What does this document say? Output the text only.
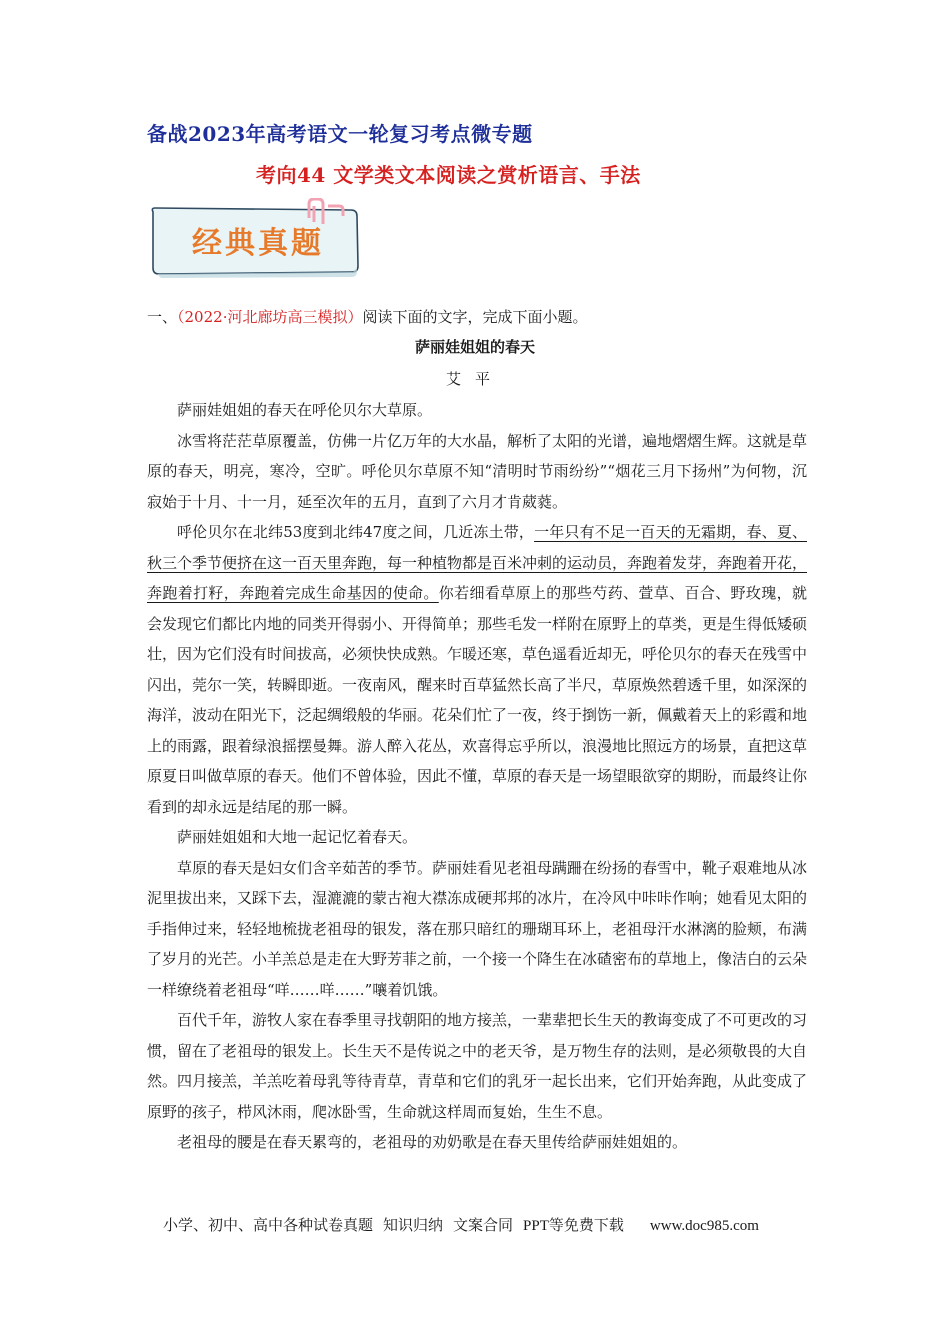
备战2023年高考语文一轮复习考点微专题
考向44 文学类文本阅读之赏析语言、手法
经典真题
一、（2022·河北廊坊高三模拟）阅读下面的文字，完成下面小题。
萨丽娃姐姐的春天
艾平

萨丽娃姐姐的春天在呼伦贝尔大草原。

冰雪将茫茫草原覆盖，仿佛一片亿万年的大水晶，解析了太阳的光谱，遍地熠熠生辉。这就是草原的春天，明亮，寒冷，空旷。呼伦贝尔草原不知“清明时节雨纷纷”“烟花三月下扬州”为何物，沉寂始于十月、十一月，延至次年的五月，直到了六月才肯葳蕤。

呼伦贝尔在北纬53度到北纬47度之间，几近冻土带，一年只有不足一百天的无霜期，春、夏、秋三个季节便挤在这一百天里奔跑，每一种植物都是百米冲刺的运动员，奔跑着发芽，奔跑着开花，奔跑着打籽，奔跑着完成生命基因的使命。你若细看草原上的那些芍药、萱草、百合、野玫瑰，就会发现它们都比内地的同类开得弱小、开得简单；那些毛发一样附在原野上的草类，更是生得低矮硕壮，因为它们没有时间拔高，必须快快成熟。乍暖还寒，草色遥看近却无，呼伦贝尔的春天在残雪中闪出，莞尔一笑，转瞬即逝。一夜南风，醒来时百草猛然长高了半尺，草原焕然碧透千里，如深深的海洋，波动在阳光下，泛起绸缎般的华丽。花朵们忙了一夜，终于捯饬一新，佩戴着天上的彩霞和地上的雨露，跟着绿浪摇摆曼舞。游人醉入花丛，欢喜得忘乎所以，浪漫地比照远方的场景，直把这草原夏日叫做草原的春天。他们不曾体验，因此不懂，草原的春天是一场望眼欲穿的期盼，而最终让你看到的却永远是结尾的那一瞬。

萨丽娃姐姐和大地一起记忆着春天。

草原的春天是妇女们含辛茹苦的季节。萨丽娃看见老祖母蹒跚在纷扬的春雪中，靴子艰难地从冰泥里拔出来，又踩下去，湿漉漉的蒙古袍大襟冻成硬邦邦的冰片，在冷风中咔咔作响；她看见太阳的手指伸过来，轻轻地梳拢老祖母的银发，落在那只暗红的珊瑚耳环上，老祖母汗水淋漓的脸颊，布满了岁月的光芒。小羊羔总是走在大野芳菲之前，一个接一个降生在冰碴密布的草地上，像洁白的云朵一样缭绕着老祖母“咩……咩……”嚷着饥饿。

百代千年，游牧人家在春季里寻找朝阳的地方接羔，一辈辈把长生天的教诲变成了不可更改的习惯，留在了老祖母的银发上。长生天不是传说之中的老天爷，是万物生存的法则，是必须敬畏的大自然。四月接羔，羊羔吃着母乳等待青草，青草和它们的乳牙一起长出来，它们开始奔跑，从此变成了原野的孩子，栉风沐雨，爬冰卧雪，生命就这样周而复始，生生不息。

老祖母的腰是在春天累弯的，老祖母的劝奶歌是在春天里传给萨丽娃姐姐的。

小学、初中、高中各种试卷真题 知识归纳 文案合同 PPT等免费下载 www.doc985.com
